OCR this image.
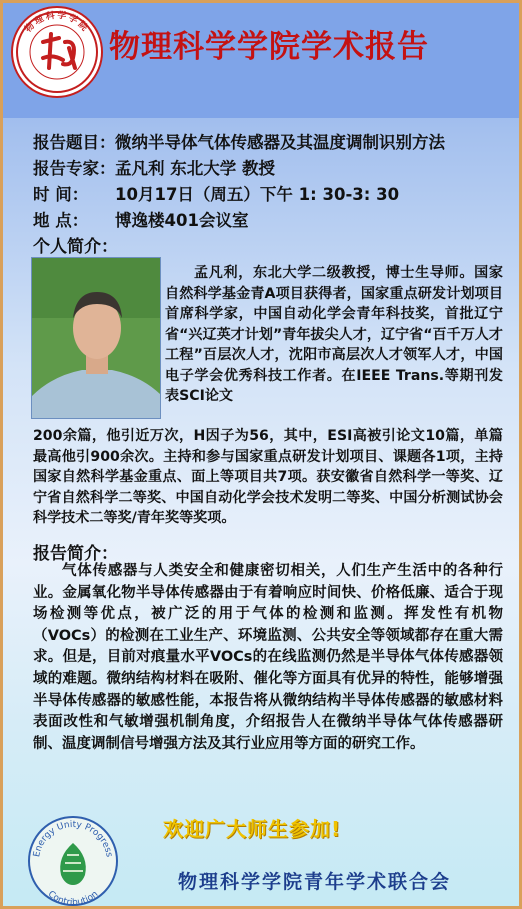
物理科学学院
物理科学学院学术报告
报告题目：微纳半导体气体传感器及其温度调制识别方法
报告专家：孟凡利 东北大学 教授
时 间： 10月17日（周五）下午 1: 30-3: 30
地 点： 博逸楼401会议室
个人简介：
孟凡利，东北大学二级教授，博士生导师。国家自然科学基金青A项目获得者，国家重点研发计划项目首席科学家，中国自动化学会青年科技奖，首批辽宁省“兴辽英才计划”青年拔尖人才，辽宁省“百千万人才工程”百层次人才，沈阳市高层次人才领军人才，中国电子学会优秀科技工作者。在IEEE Trans.等期刊发表SCI论文
200余篇，他引近万次，H因子为56，其中，ESI高被引论文10篇，单篇最高他引900余次。主持和参与国家重点研发计划项目、课题各1项，主持国家自然科学基金重点、面上等项目共7项。获安徽省自然科学一等奖、辽宁省自然科学二等奖、中国自动化学会技术发明二等奖、中国分析测试协会科学技术二等奖/青年奖等奖项。
报告简介：
气体传感器与人类安全和健康密切相关，人们生产生活中的各种行业。金属氧化物半导体传感器由于有着响应时间快、价格低廉、适合于现场检测等优点，被广泛的用于气体的检测和监测。挥发性有机物（VOCs）的检测在工业生产、环境监测、公共安全等领域都存在重大需求。但是，目前对痕量水平VOCs的在线监测仍然是半导体气体传感器领域的难题。微纳结构材料在吸附、催化等方面具有优异的特性，能够增强半导体传感器的敏感性能，本报告将从微纳结构半导体传感器的敏感材料表面改性和气敏增强机制角度，介绍报告人在微纳半导体气体传感器研制、温度调制信号增强方法及其行业应用等方面的研究工作。
Energy Unity Progress
Contribution
欢迎广大师生参加!
物理科学学院青年学术联合会
